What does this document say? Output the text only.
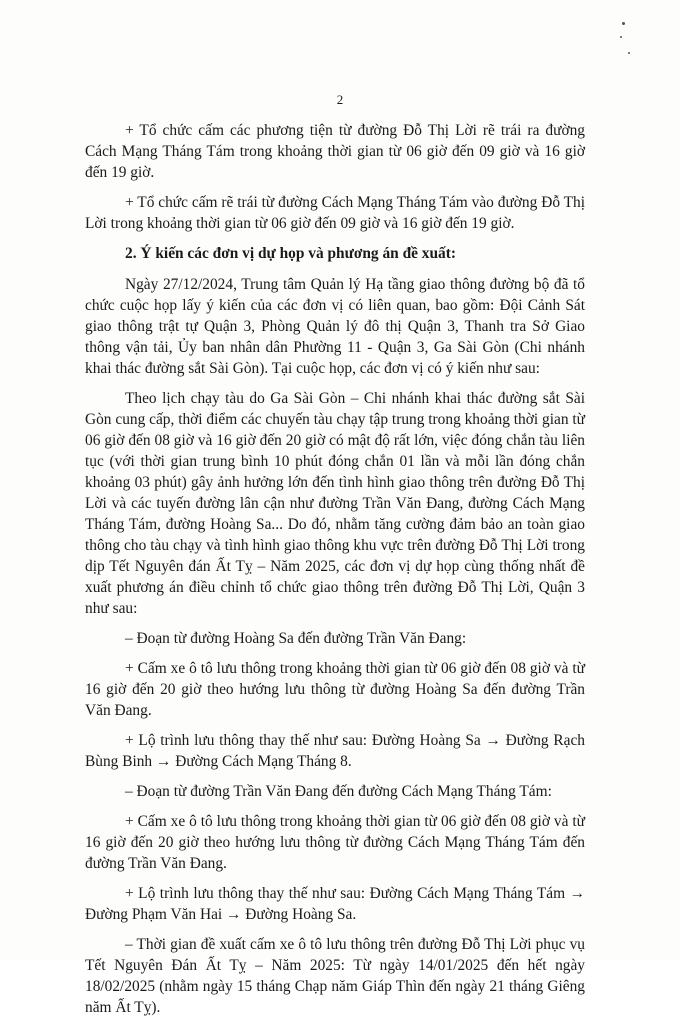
2

+ Tổ chức cấm các phương tiện từ đường Đỗ Thị Lời rẽ trái ra đường Cách Mạng Tháng Tám trong khoảng thời gian từ 06 giờ đến 09 giờ và 16 giờ đến 19 giờ.

+ Tổ chức cấm rẽ trái từ đường Cách Mạng Tháng Tám vào đường Đỗ Thị Lời trong khoảng thời gian từ 06 giờ đến 09 giờ và 16 giờ đến 19 giờ.

2. Ý kiến các đơn vị dự họp và phương án đề xuất:

Ngày 27/12/2024, Trung tâm Quản lý Hạ tầng giao thông đường bộ đã tổ chức cuộc họp lấy ý kiến của các đơn vị có liên quan, bao gồm: Đội Cảnh Sát giao thông trật tự Quận 3, Phòng Quản lý đô thị Quận 3, Thanh tra Sở Giao thông vận tải, Ủy ban nhân dân Phường 11 - Quận 3, Ga Sài Gòn (Chi nhánh khai thác đường sắt Sài Gòn). Tại cuộc họp, các đơn vị có ý kiến như sau:

Theo lịch chạy tàu do Ga Sài Gòn – Chi nhánh khai thác đường sắt Sài Gòn cung cấp, thời điểm các chuyến tàu chạy tập trung trong khoảng thời gian từ 06 giờ đến 08 giờ và 16 giờ đến 20 giờ có mật độ rất lớn, việc đóng chắn tàu liên tục (với thời gian trung bình 10 phút đóng chắn 01 lần và mỗi lần đóng chắn khoảng 03 phút) gây ảnh hưởng lớn đến tình hình giao thông trên đường Đỗ Thị Lời và các tuyến đường lân cận như đường Trần Văn Đang, đường Cách Mạng Tháng Tám, đường Hoàng Sa... Do đó, nhằm tăng cường đảm bảo an toàn giao thông cho tàu chạy và tình hình giao thông khu vực trên đường Đỗ Thị Lời trong dịp Tết Nguyên đán Ất Tỵ – Năm 2025, các đơn vị dự họp cùng thống nhất đề xuất phương án điều chỉnh tổ chức giao thông trên đường Đỗ Thị Lời, Quận 3 như sau:

– Đoạn từ đường Hoàng Sa đến đường Trần Văn Đang:

+ Cấm xe ô tô lưu thông trong khoảng thời gian từ 06 giờ đến 08 giờ và từ 16 giờ đến 20 giờ theo hướng lưu thông từ đường Hoàng Sa đến đường Trần Văn Đang.

+ Lộ trình lưu thông thay thế như sau: Đường Hoàng Sa → Đường Rạch Bùng Binh → Đường Cách Mạng Tháng 8.

– Đoạn từ đường Trần Văn Đang đến đường Cách Mạng Tháng Tám:

+ Cấm xe ô tô lưu thông trong khoảng thời gian từ 06 giờ đến 08 giờ và từ 16 giờ đến 20 giờ theo hướng lưu thông từ đường Cách Mạng Tháng Tám đến đường Trần Văn Đang.

+ Lộ trình lưu thông thay thế như sau: Đường Cách Mạng Tháng Tám → Đường Phạm Văn Hai → Đường Hoàng Sa.

– Thời gian đề xuất cấm xe ô tô lưu thông trên đường Đỗ Thị Lời phục vụ Tết Nguyên Đán Ất Tỵ – Năm 2025: Từ ngày 14/01/2025 đến hết ngày 18/02/2025 (nhằm ngày 15 tháng Chạp năm Giáp Thìn đến ngày 21 tháng Giêng năm Ất Tỵ).
